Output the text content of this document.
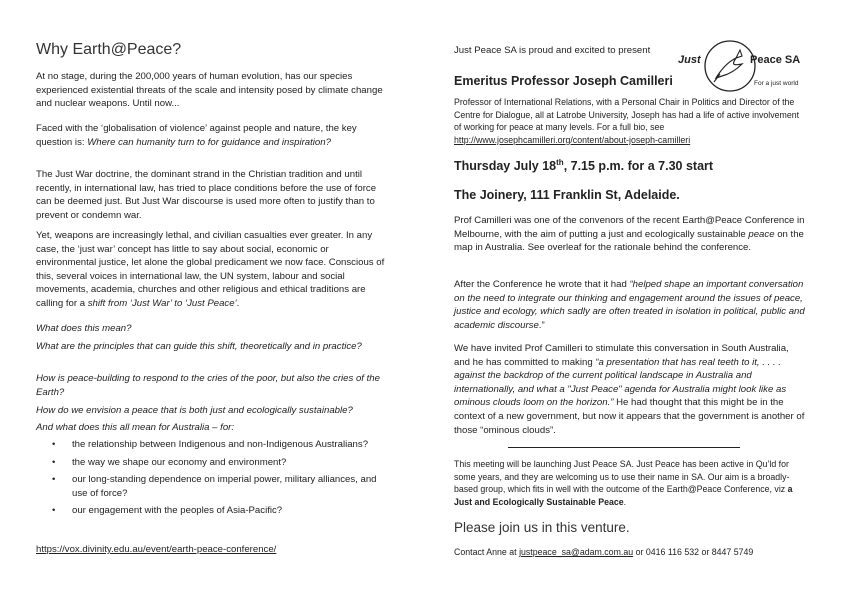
Why Earth@Peace?

At no stage, during the 200,000 years of human evolution, has our species experienced existential threats of the scale and intensity posed by climate change and nuclear weapons. Until now...

Faced with the ‘globalisation of violence’ against people and nature, the key question is: Where can humanity turn to for guidance and inspiration?

The Just War doctrine, the dominant strand in the Christian tradition and until recently, in international law, has tried to place conditions before the use of force can be deemed just. But Just War discourse is used more often to justify than to prevent or condemn war.

Yet, weapons are increasingly lethal, and civilian casualties ever greater. In any case, the ‘just war’ concept has little to say about social, economic or environmental justice, let alone the global predicament we now face. Conscious of this, several voices in international law, the UN system, labour and social movements, academia, churches and other religious and ethical traditions are calling for a shift from ‘Just War’ to ‘Just Peace’.

What does this mean?

What are the principles that can guide this shift, theoretically and in practice?

How is peace-building to respond to the cries of the poor, but also the cries of the Earth?

How do we envision a peace that is both just and ecologically sustainable?

And what does this all mean for Australia – for:

• the relationship between Indigenous and non-Indigenous Australians?
• the way we shape our economy and environment?
• our long-standing dependence on imperial power, military alliances, and use of force?
• our engagement with the peoples of Asia-Pacific?
https://vox.divinity.edu.au/event/earth-peace-conference/

Just Peace SA is proud and excited to present

Just	Peace SA
For a just world
Emeritus Professor Joseph Camilleri

Professor of International Relations, with a Personal Chair in Politics and Director of the Centre for Dialogue, all at Latrobe University, Joseph has had a life of active involvement of working for peace at many levels. For a full bio, see http://www.josephcamilleri.org/content/about-joseph-camilleri

Thursday July 18th, 7.15 p.m. for a 7.30 start
The Joinery, 111 Franklin St, Adelaide.

Prof Camilleri was one of the convenors of the recent Earth@Peace Conference in Melbourne, with the aim of putting a just and ecologically sustainable peace on the map in Australia. See overleaf for the rationale behind the conference.

After the Conference he wrote that it had “helped shape an important conversation on the need to integrate our thinking and engagement around the issues of peace, justice and ecology, which sadly are often treated in isolation in political, public and academic discourse.”

We have invited Prof Camilleri to stimulate this conversation in South Australia, and he has committed to making “a presentation that has real teeth to it, . . . . against the backdrop of the current political landscape in Australia and internationally, and what a "Just Peace" agenda for Australia might look like as ominous clouds loom on the horizon.” He had thought that this might be in the context of a new government, but now it appears that the government is another of those “ominous clouds”.

This meeting will be launching Just Peace SA. Just Peace has been active in Qu’ld for some years, and they are welcoming us to use their name in SA. Our aim is a broadly-based group, which fits in well with the outcome of the Earth@Peace Conference, viz a Just and Ecologically Sustainable Peace.

Please join us in this venture.

Contact Anne at justpeace_sa@adam.com.au or 0416 116 532 or 8447 5749
